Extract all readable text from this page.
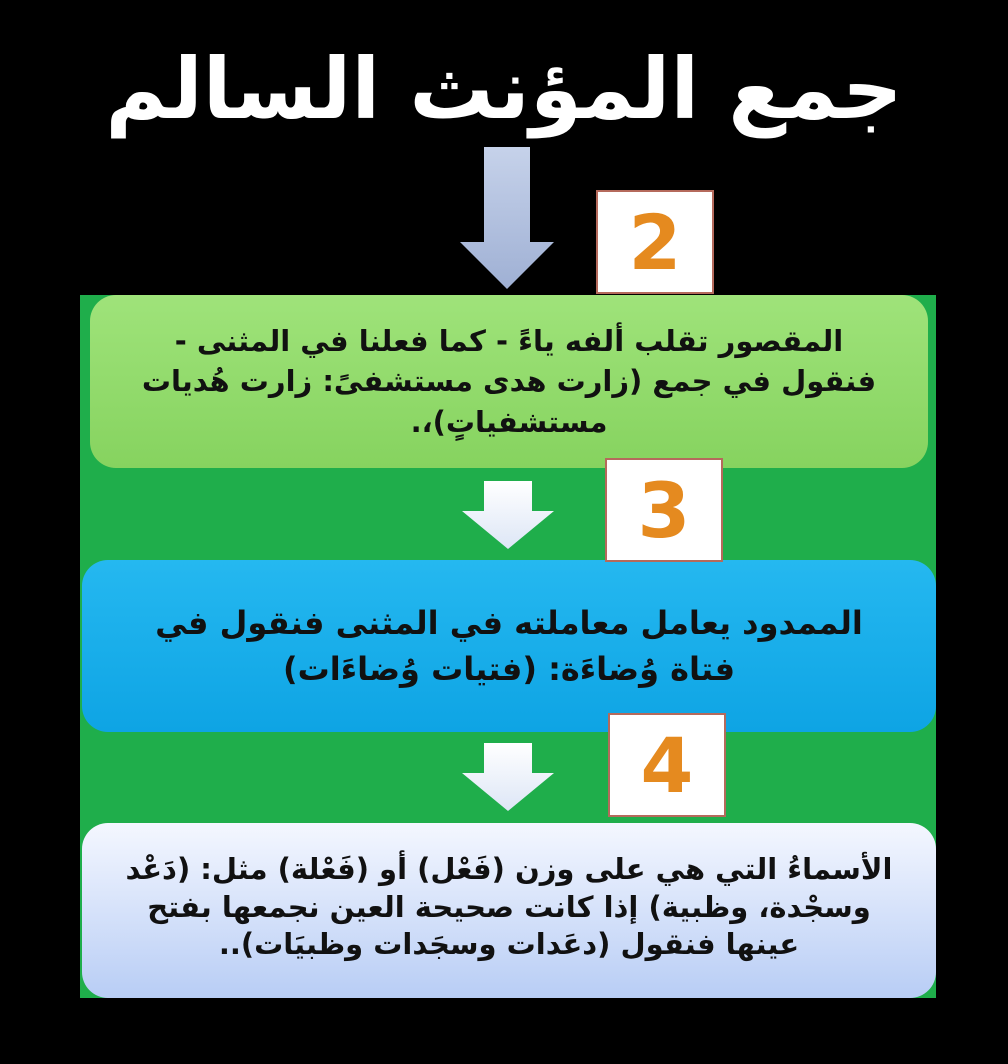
جمع المؤنث السالم
المقصور تقلب ألفه ياءً - كما فعلنا في المثنى - فنقول في جمع (زارت هدى مستشفىً: زارت هُديات مستشفياتٍ)،.
الممدود يعامل معاملته في المثنى فنقول في فتاة وُضاءَة: (فتيات وُضاءَات)
الأسماءُ التي هي على وزن (فَعْل) أو (فَعْلة) مثل: (دَعْد وسجْدة، وظبية) إذا كانت صحيحة العين نجمعها بفتح عينها فنقول (دعَدات وسجَدات وظبيَات)..
2
3
4
